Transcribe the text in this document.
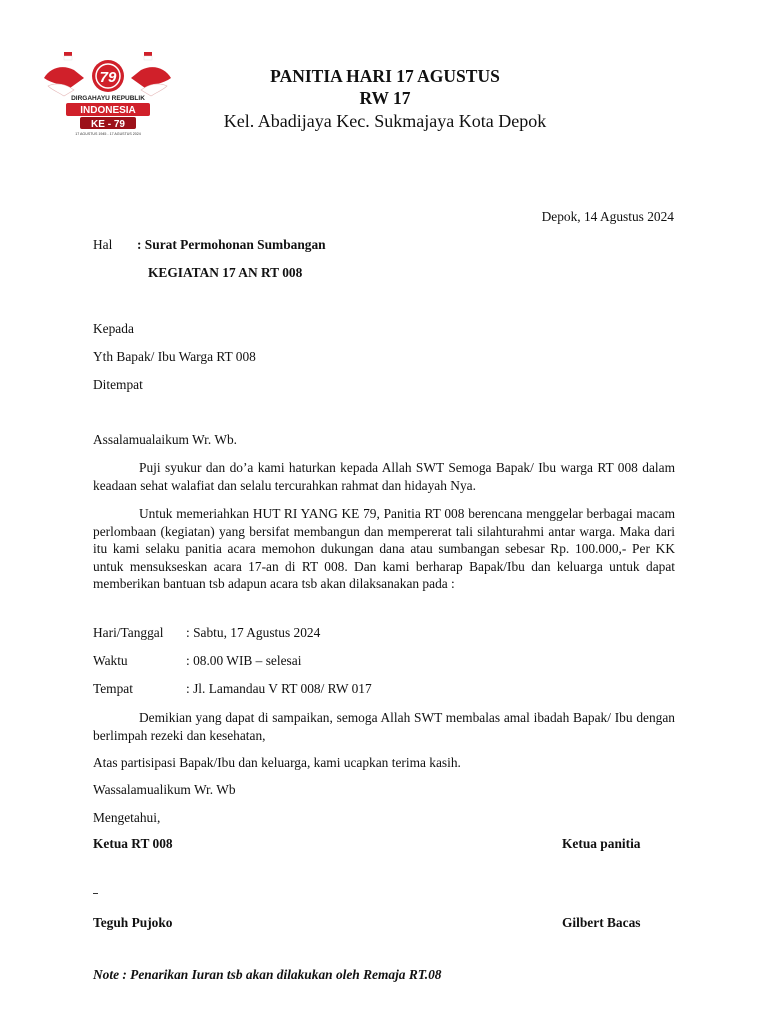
79
DIRGAHAYU REPUBLIK
INDONESIA
KE - 79
17 AGUSTUS 1945 - 17 AGUSTUS 2024
PANITIA HARI 17 AGUSTUS
RW 17
Kel. Abadijaya Kec. Sukmajaya Kota Depok
Depok, 14 Agustus 2024
Hal : Surat Permohonan Sumbangan
KEGIATAN 17 AN RT 008
Kepada
Yth Bapak/ Ibu Warga RT 008
Ditempat
Assalamualaikum Wr. Wb.
Puji syukur dan do’a kami haturkan kepada Allah SWT Semoga Bapak/ Ibu warga RT 008 dalam keadaan sehat walafiat dan selalu tercurahkan rahmat dan hidayah Nya.
Untuk memeriahkan HUT RI YANG KE 79, Panitia RT 008 berencana menggelar berbagai macam perlombaan (kegiatan) yang bersifat membangun dan mempererat tali silahturahmi antar warga. Maka dari itu kami selaku panitia acara memohon dukungan dana atau sumbangan sebesar Rp. 100.000,- Per KK untuk mensukseskan acara 17-an di RT 008. Dan kami berharap Bapak/Ibu dan keluarga untuk dapat memberikan bantuan tsb adapun acara tsb akan dilaksanakan pada :
Hari/Tanggal : Sabtu, 17 Agustus 2024
Waktu	: 08.00 WIB – selesai
Tempat	: Jl. Lamandau V RT 008/ RW 017
Demikian yang dapat di sampaikan, semoga Allah SWT membalas amal ibadah Bapak/ Ibu dengan berlimpah rezeki dan kesehatan,
Atas partisipasi Bapak/Ibu dan keluarga, kami ucapkan terima kasih.
Wassalamualikum Wr. Wb
Mengetahui,
Ketua RT 008	Ketua panitia
Teguh Pujoko	Gilbert Bacas
Note : Penarikan Iuran tsb akan dilakukan oleh Remaja RT.08
